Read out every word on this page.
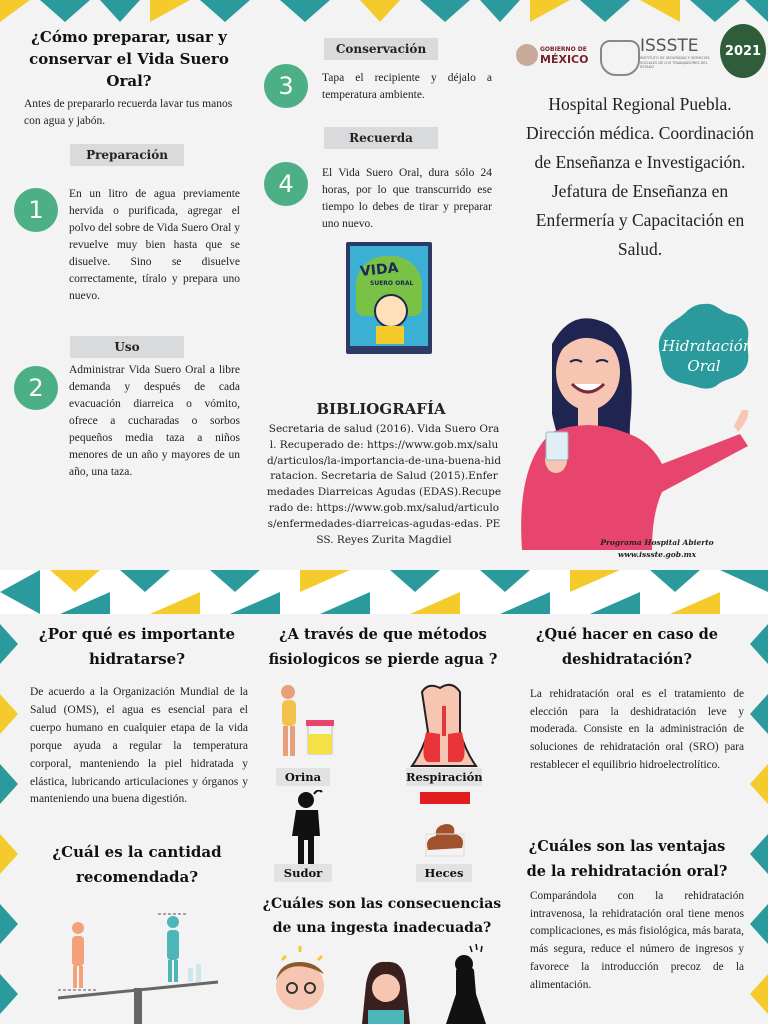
¿Cómo preparar, usar y conservar el Vida Suero Oral?

Antes de prepararlo recuerda lavar tus manos con agua y jabón.

Preparación
1

En un litro de agua previamente hervida o purificada, agregar el polvo del sobre de Vida Suero Oral y revuelve muy bien hasta que se disuelve. Sino se disuelve correctamente, tíralo y prepara uno nuevo.

Uso
2

Administrar Vida Suero Oral a libre demanda y después de cada evacuación diarreica o vómito, ofrece a cucharadas o sorbos pequeños media taza a niños menores de un año y mayores de un año, una taza.

Conservación
3	Tapa el recipiente y déjalo a temperatura ambiente.

Recuerda
4	El Vida Suero Oral, dura sólo 24 horas, por lo que transcurrido ese tiempo lo debes de tirar y preparar uno nuevo.

VIDA
SUERO ORAL
BIBLIOGRAFÍA

Secretaria de salud (2016). Vida Suero Oral. Recuperado de: https://www.gob.mx/salud/articulos/la-importancia-de-una-buena-hidratacion. Secretaria de Salud (2015).Enfermedades Diarreicas Agudas (EDAS).Recuperado de: https://www.gob.mx/salud/articulos/enfermedades-diarreicas-agudas-edas. PESS. Reyes Zurita Magdiel

GOBIERNO DE
MÉXICO
ISSSTE
INSTITUTO DE SEGURIDAD Y SERVICIOS SOCIALES DE LOS TRABAJADORES DEL ESTADO
2021
Hospital Regional Puebla. Dirección médica. Coordinación de Enseñanza e Investigación. Jefatura de Enseñanza en Enfermería y Capacitación en Salud.
Hidratación Oral
Programa Hospital Abierto
www.issste.gob.mx
¿Por qué es importante hidratarse?

De acuerdo a la Organización Mundial de la Salud (OMS), el agua es esencial para el cuerpo humano en cualquier etapa de la vida porque ayuda a regular la temperatura corporal, manteniendo la piel hidratada y elástica, lubricando articulaciones y órganos y manteniendo una buena digestión.

¿Cuál es la cantidad recomendada?
¿A través de que métodos fisiologicos se pierde agua ?
Orina	Respiración
Sudor	Heces
¿Cuáles son las consecuencias de una ingesta inadecuada?
¿Qué hacer en caso de deshidratación?

La rehidratación oral es el tratamiento de elección para la deshidratación leve y moderada. Consiste en la administración de soluciones de rehidratación oral (SRO) para restablecer el equilibrio hidroelectrolítico.

¿Cuáles son las ventajas de la rehidratación oral?

Comparándola con la rehidratación intravenosa, la rehidratación oral tiene menos complicaciones, es más fisiológica, más barata, más segura, reduce el número de ingresos y favorece la introducción precoz de la alimentación.
